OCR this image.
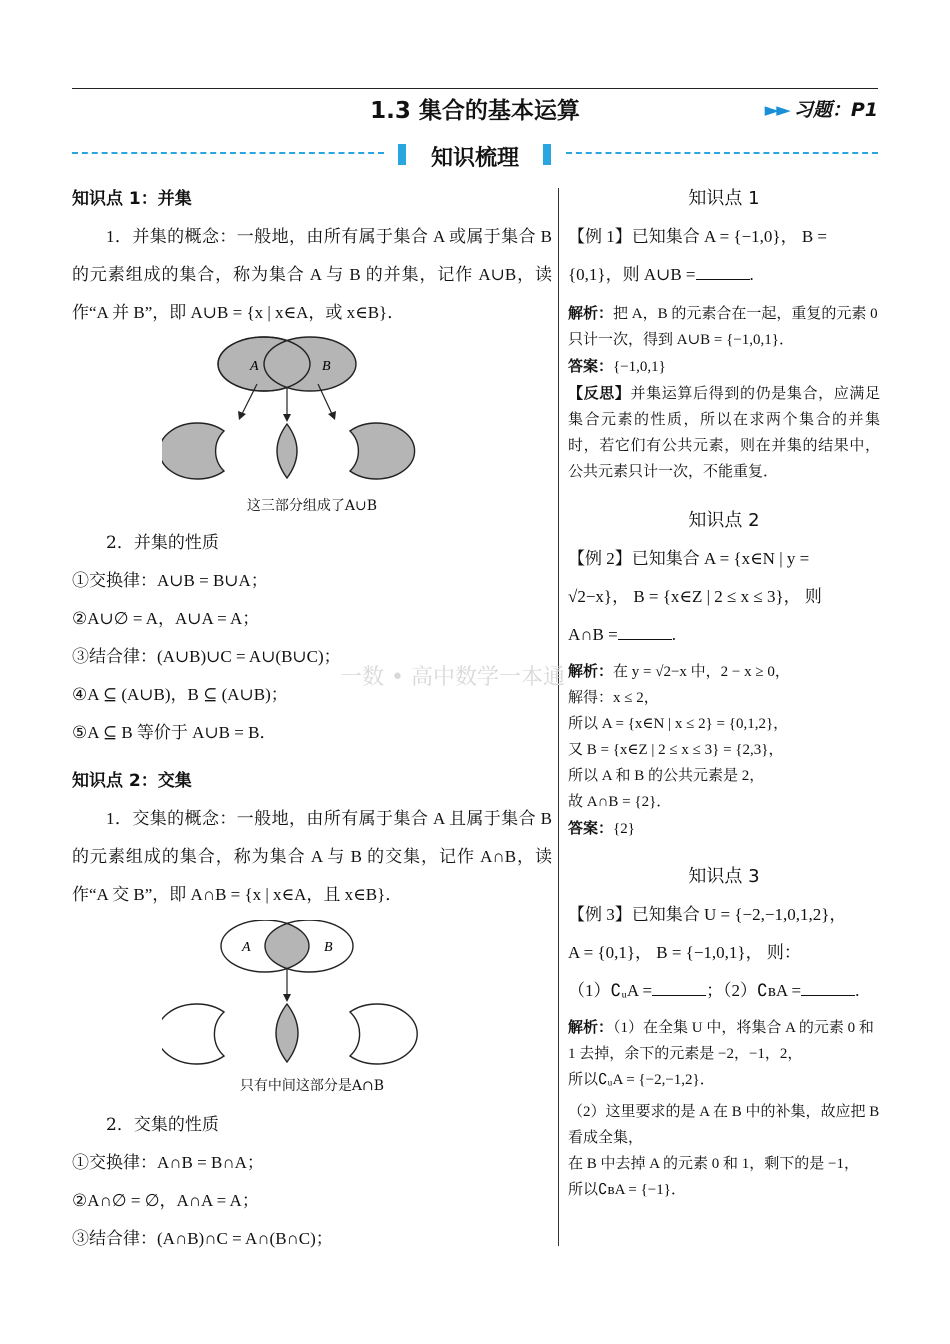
1.3 集合的基本运算	►► 习题：P1
知识梳理

知识点 1：并集

1．并集的概念：一般地，由所有属于集合 A 或属于集合 B 的元素组成的集合，称为集合 A 与 B 的并集，记作 A∪B，读作“A 并 B”，即 A∪B = {x | x∈A，或 x∈B}．

A	B

这三部分组成了A∪B

2．并集的性质

①交换律：A∪B = B∪A；

②A∪∅ = A，A∪A = A；

③结合律：(A∪B)∪C = A∪(B∪C)；

④A ⊆ (A∪B)，B ⊆ (A∪B)；

⑤A ⊆ B 等价于 A∪B = B．

知识点 2：交集

1．交集的概念：一般地，由所有属于集合 A 且属于集合 B 的元素组成的集合，称为集合 A 与 B 的交集，记作 A∩B，读作“A 交 B”，即 A∩B = {x | x∈A，且 x∈B}．

A	B

只有中间这部分是A∩B

2．交集的性质

①交换律：A∩B = B∩A；

②A∩∅ = ∅，A∩A = A；

③结合律：(A∩B)∩C = A∩(B∩C)；

知识点 1

【例 1】已知集合 A = {−1,0}， B =

{0,1}，则 A∪B =	.

解析：把 A，B 的元素合在一起，重复的元素 0 只计一次，得到 A∪B = {−1,0,1}．

答案：{−1,0,1}

【反思】并集运算后得到的仍是集合，应满足集合元素的性质，所以在求两个集合的并集时，若它们有公共元素，则在并集的结果中，公共元素只计一次，不能重复．

知识点 2

【例 2】已知集合 A = {x∈N | y =

√2−x}， B = {x∈Z | 2 ≤ x ≤ 3}， 则

A∩B =	.

解析：在 y = √2−x 中，2 − x ≥ 0，

解得：x ≤ 2，

所以 A = {x∈N | x ≤ 2} = {0,1,2}，

又 B = {x∈Z | 2 ≤ x ≤ 3} = {2,3}，

所以 A 和 B 的公共元素是 2，

故 A∩B = {2}．

答案：{2}

知识点 3

【例 3】已知集合 U = {−2,−1,0,1,2}，

A = {0,1}， B = {−1,0,1}， 则：

（1）∁ᵤA =	；（2）∁ʙA =	.

解析：（1）在全集 U 中，将集合 A 的元素 0 和 1 去掉，余下的元素是 −2，−1，2，

所以∁ᵤA = {−2,−1,2}．

（2）这里要求的是 A 在 B 中的补集，故应把 B 看成全集，

在 B 中去掉 A 的元素 0 和 1，剩下的是 −1，

所以∁ʙA = {−1}．

一数 • 高中数学一本通
